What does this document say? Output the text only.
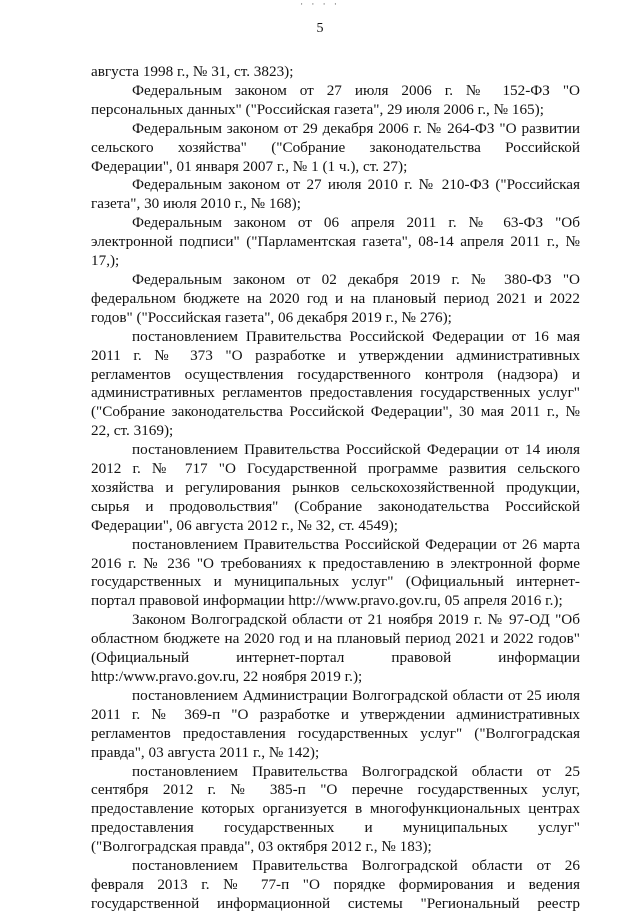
· · · ·
5

августа 1998 г., № 31, ст. 3823);

Федеральным законом от 27 июля 2006 г. № 152-ФЗ "О персональных данных" ("Российская газета", 29 июля 2006 г., № 165);

Федеральным законом от 29 декабря 2006 г. № 264-ФЗ "О развитии сельского хозяйства" ("Собрание законодательства Российской Федерации", 01 января 2007 г., № 1 (1 ч.), ст. 27);

Федеральным законом от 27 июля 2010 г. № 210-ФЗ ("Российская газета", 30 июля 2010 г., № 168);

Федеральным законом от 06 апреля 2011 г. № 63-ФЗ "Об электронной подписи" ("Парламентская газета", 08-14 апреля 2011 г., № 17,);

Федеральным законом от 02 декабря 2019 г. № 380-ФЗ "О федеральном бюджете на 2020 год и на плановый период 2021 и 2022 годов" ("Российская газета", 06 декабря 2019 г., № 276);

постановлением Правительства Российской Федерации от 16 мая 2011 г. № 373 "О разработке и утверждении административных регламентов осуществления государственного контроля (надзора) и административных регламентов предоставления государственных услуг" ("Собрание законодательства Российской Федерации", 30 мая 2011 г., № 22, ст. 3169);

постановлением Правительства Российской Федерации от 14 июля 2012 г. № 717 "О Государственной программе развития сельского хозяйства и регулирования рынков сельскохозяйственной продукции, сырья и продовольствия" (Собрание законодательства Российской Федерации", 06 августа 2012 г., № 32, ст. 4549);

постановлением Правительства Российской Федерации от 26 марта 2016 г. № 236 "О требованиях к предоставлению в электронной форме государственных и муниципальных услуг" (Официальный интернет-портал правовой информации http://www.pravo.gov.ru, 05 апреля 2016 г.);

Законом Волгоградской области от 21 ноября 2019 г. № 97-ОД "Об областном бюджете на 2020 год и на плановый период 2021 и 2022 годов" (Официальный интернет-портал правовой информации http:/www.pravo.gov.ru, 22 ноября 2019 г.);

постановлением Администрации Волгоградской области от 25 июля 2011 г. № 369-п "О разработке и утверждении административных регламентов предоставления государственных услуг" ("Волгоградская правда", 03 августа 2011 г., № 142);

постановлением Правительства Волгоградской области от 25 сентября 2012 г. № 385-п "О перечне государственных услуг, предоставление которых организуется в многофункциональных центрах предоставления государственных и муниципальных услуг" ("Волгоградская правда", 03 октября 2012 г., № 183);

постановлением Правительства Волгоградской области от 26 февраля 2013 г. № 77-п "О порядке формирования и ведения государственной информационной системы "Региональный реестр
